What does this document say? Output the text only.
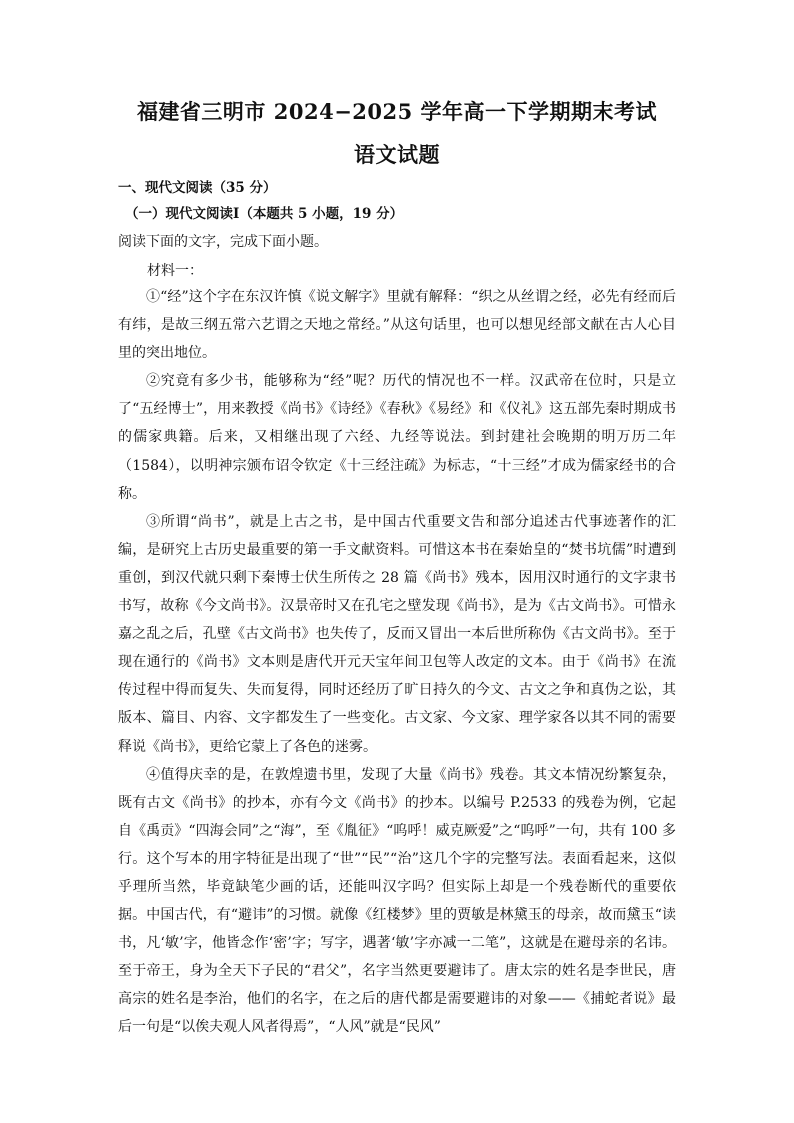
福建省三明市 2024−2025 学年高一下学期期末考试
语文试题
一、现代文阅读（35 分）
（一）现代文阅读Ⅰ（本题共 5 小题，19 分）
阅读下面的文字，完成下面小题。
材料一：

①“经”这个字在东汉许慎《说文解字》里就有解释：“织之从丝谓之经，必先有经而后有纬，是故三纲五常六艺谓之天地之常经。”从这句话里，也可以想见经部文献在古人心目里的突出地位。

②究竟有多少书，能够称为“经”呢？历代的情况也不一样。汉武帝在位时，只是立了“五经博士”，用来教授《尚书》《诗经》《春秋》《易经》和《仪礼》这五部先秦时期成书的儒家典籍。后来，又相继出现了六经、九经等说法。到封建社会晚期的明万历二年（1584），以明神宗颁布诏令钦定《十三经注疏》为标志，“十三经”才成为儒家经书的合称。

③所谓“尚书”，就是上古之书，是中国古代重要文告和部分追述古代事迹著作的汇编，是研究上古历史最重要的第一手文献资料。可惜这本书在秦始皇的“焚书坑儒”时遭到重创，到汉代就只剩下秦博士伏生所传之 28 篇《尚书》残本，因用汉时通行的文字隶书书写，故称《今文尚书》。汉景帝时又在孔宅之壁发现《尚书》，是为《古文尚书》。可惜永嘉之乱之后，孔壁《古文尚书》也失传了，反而又冒出一本后世所称伪《古文尚书》。至于现在通行的《尚书》文本则是唐代开元天宝年间卫包等人改定的文本。由于《尚书》在流传过程中得而复失、失而复得，同时还经历了旷日持久的今文、古文之争和真伪之讼，其版本、篇目、内容、文字都发生了一些变化。古文家、今文家、理学家各以其不同的需要释说《尚书》，更给它蒙上了各色的迷雾。

④值得庆幸的是，在敦煌遗书里，发现了大量《尚书》残卷。其文本情况纷繁复杂，既有古文《尚书》的抄本，亦有今文《尚书》的抄本。以编号 P.2533 的残卷为例，它起自《禹贡》“四海会同”之“海”，至《胤征》“呜呼！威克厥爱”之“呜呼”一句，共有 100 多行。这个写本的用字特征是出现了“世”“民”“治”这几个字的完整写法。表面看起来，这似乎理所当然，毕竟缺笔少画的话，还能叫汉字吗？但实际上却是一个残卷断代的重要依据。中国古代，有“避讳”的习惯。就像《红楼梦》里的贾敏是林黛玉的母亲，故而黛玉“读书，凡‘敏’字，他皆念作‘密’字；写字，遇著‘敏’字亦减一二笔”，这就是在避母亲的名讳。至于帝王，身为全天下子民的“君父”，名字当然更要避讳了。唐太宗的姓名是李世民，唐高宗的姓名是李治，他们的名字，在之后的唐代都是需要避讳的对象——《捕蛇者说》最后一句是“以俟夫观人风者得焉”，“人风”就是“民风”
